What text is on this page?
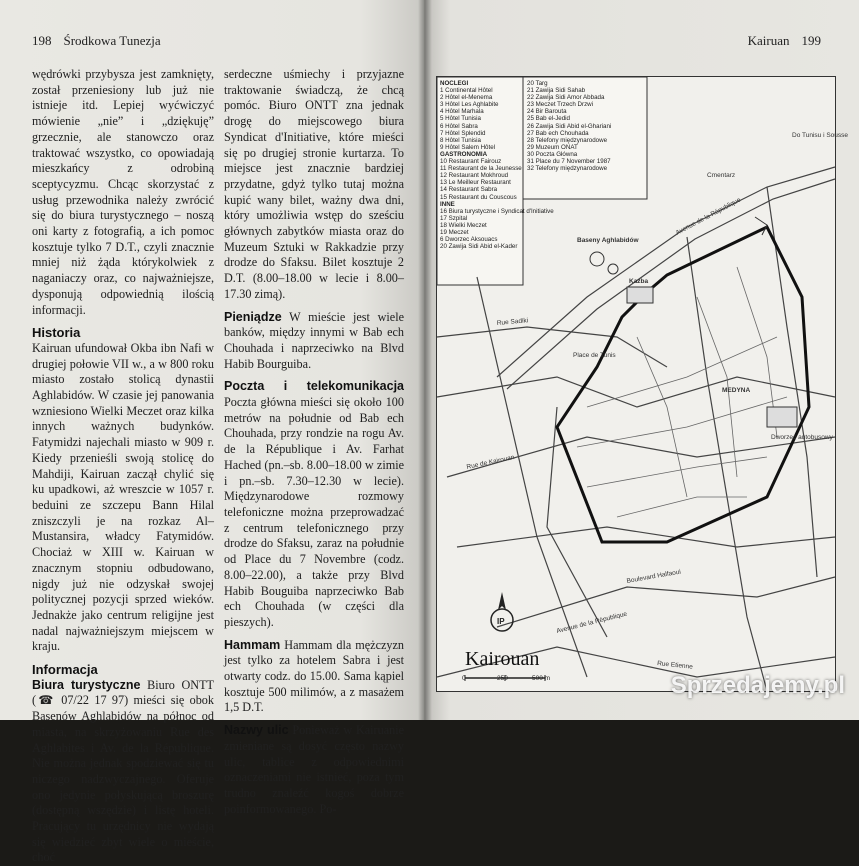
198 Środkowa Tunezja

wędrówki przybysza jest zamknięty, został przeniesiony lub już nie istnieje itd. Lepiej wyćwiczyć mówienie „nie” i „dziękuję” grzecznie, ale stanowczo oraz traktować wszystko, co opowiadają mieszkańcy z odrobiną sceptycyzmu. Chcąc skorzystać z usług przewodnika należy zwrócić się do biura turystycznego – noszą oni karty z fotografią, a ich pomoc kosztuje tylko 7 D.T., czyli znacznie mniej niż żąda którykolwiek z naganiaczy oraz, co najważniejsze, dysponują odpowiednią ilością informacji.

Historia

Kairuan ufundował Okba ibn Nafi w drugiej połowie VII w., a w 800 roku miasto zostało stolicą dynastii Aghlabidów. W czasie jej panowania wzniesiono Wielki Meczet oraz kilka innych ważnych budynków. Fatymidzi najechali miasto w 909 r. Kiedy przenieśli swoją stolicę do Mahdiji, Kairuan zaczął chylić się ku upadkowi, aż wreszcie w 1057 r. beduini ze szczepu Bann Hilal zniszczyli je na rozkaz Al–Mustansira, władcy Fatymidów. Chociaż w XIII w. Kairuan w znacznym stopniu odbudowano, nigdy już nie odzyskał swojej politycznej pozycji sprzed wieków. Jednakże jako centrum religijne jest nadal najważniejszym miejscem w kraju.

Informacja

Biura turystyczne Biuro ONTT (☎ 07/22 17 97) mieści się obok Basenów Aghlabidów na północ od miasta, na skrzyżowaniu Rue des Aghlabites i Av. de la République. Nie można jednak spodziewać się tu niczego nadzwyczajnego. Oferuje ono jedynie połyskującą broszurę (dostępną wszędzie) i listę hoteli. Pracujący tu urzędnicy nie wydają się wiedzieć zbyt wiele o mieście, choć

serdeczne uśmiechy i przyjazne traktowanie świadczą, że chcą pomóc. Biuro ONTT zna jednak drogę do miejscowego biura Syndicat d'Initiative, które mieści się po drugiej stronie kurtarza. To miejsce jest znacznie bardziej przydatne, gdyż tylko tutaj można kupić wany bilet, ważny dwa dni, który umożliwia wstęp do sześciu głównych zabytków miasta oraz do Muzeum Sztuki w Rakkadzie przy drodze do Sfaksu. Bilet kosztuje 2 D.T. (8.00–18.00 w lecie i 8.00–17.30 zimą).

Pieniądze W mieście jest wiele banków, między innymi w Bab ech Chouhada i naprzeciwko na Blvd Habib Bourguiba.

Poczta i telekomunikacja Poczta główna mieści się około 100 metrów na południe od Bab ech Chouhada, przy rondzie na rogu Av. de la République i Av. Farhat Hached (pn.–sb. 8.00–18.00 w zimie i pn.–sb. 7.30–12.30 w lecie). Międzynarodowe rozmowy telefoniczne można przeprowadzać z centrum telefonicznego przy drodze do Sfaksu, zaraz na południe od Place du 7 Novembre (codz. 8.00–22.00), a także przy Blvd Habib Bouguiba naprzeciwko Bab ech Chouhada (w części dla pieszych).

Hammam Hammam dla mężczyzn jest tylko za hotelem Sabra i jest otwarty codz. do 15.00. Sama kąpiel kosztuje 500 milimów, a z masażem 1,5 D.T.

Nazwy ulic Ponieważ w Kairuanie zmieniane są dosyć często nazwy ulic, tablice z odpowiednimi oznaczeniami nie istnieć, poza tym trudno znaleźć kogoś dobrze poinformowanego. Po-

Kairuan 199
IP
Avenue de la République
Rue Sadiki
Rue de Kairouan
Boulevard Halfaoui
Rue Etienne
Avenue de la République
Do Tunisu i Sousse
Cmentarz
Baseny Aghlabidów
Kazba
MEDYNA
Place de Tunis
Dworzec autobusowy
NOCLEGI
1 Continental Hôtel
2 Hôtel el-Menema
3 Hôtel Les Aghlabite
4 Hôtel Marhala
5 Hôtel Tunisia
6 Hôtel Sabra
7 Hôtel Splendid
8 Hôtel Tunisia
9 Hôtel Salem Hôtel
GASTRONOMIA
10 Restaurant Fairouz
11 Restaurant de la Jeunesse
12 Restaurant Mokhroud
13 Le Meilleur Restaurant
14 Restaurant Sabra
15 Restaurant du Couscous
INNE
16 Biura turystyczne i Syndicat d'Initiative
17 Szpital
18 Wielki Meczet
19 Meczet
6 Dworzec Aksouacs
20 Zawija Sidi Abid el-Kader
20 Targ
21 Zawija Sidi Sahab
22 Zawija Sidi Amor Abbada
23 Meczet Trzech Drzwi
24 Bir Barouta
25 Bab el-Jedid
26 Zawija Sidi Abid el-Ghariani
27 Bab ech Chouhada
28 Telefony międzynarodowe
29 Muzeum ONAT
30 Poczta Główna
31 Place du 7 November 1987
32 Telefony międzynarodowe
Kairouan
0	250	500 m	Sprzedajemy.pl
